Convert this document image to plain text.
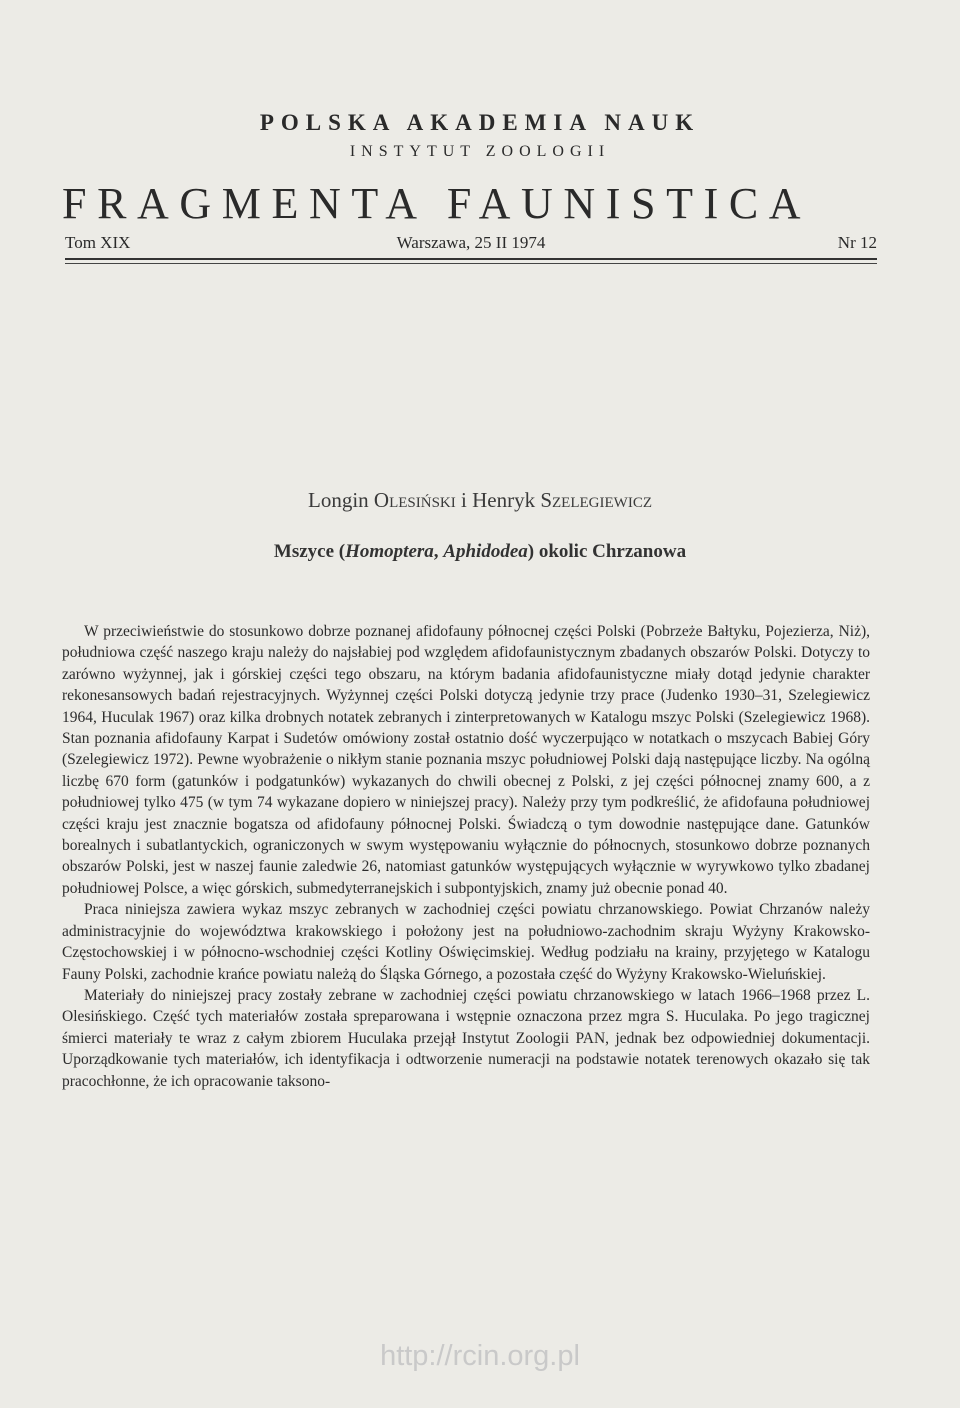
POLSKA AKADEMIA NAUK
INSTYTUT ZOOLOGII
FRAGMENTA FAUNISTICA
Tom XIX	Warszawa, 25 II 1974	Nr 12
Longin Olesiński i Henryk Szelegiewicz
Mszyce (Homoptera, Aphidodea) okolic Chrzanowa

W przeciwieństwie do stosunkowo dobrze poznanej afidofauny północnej części Polski (Pobrzeże Bałtyku, Pojezierza, Niż), południowa część naszego kraju należy do najsłabiej pod względem afidofaunistycznym zbadanych obszarów Polski. Dotyczy to zarówno wyżynnej, jak i górskiej części tego obszaru, na którym badania afidofaunistyczne miały dotąd jedynie charakter rekonesansowych badań rejestracyjnych. Wyżynnej części Polski dotyczą jedynie trzy prace (Judenko 1930–31, Szelegiewicz 1964, Huculak 1967) oraz kilka drobnych notatek zebranych i zinterpretowanych w Katalogu mszyc Polski (Szelegiewicz 1968). Stan poznania afidofauny Karpat i Sudetów omówiony został ostatnio dość wyczerpująco w notatkach o mszycach Babiej Góry (Szelegiewicz 1972). Pewne wyobrażenie o nikłym stanie poznania mszyc południowej Polski dają następujące liczby. Na ogólną liczbę 670 form (gatunków i podgatunków) wykazanych do chwili obecnej z Polski, z jej części północnej znamy 600, a z południowej tylko 475 (w tym 74 wykazane dopiero w niniejszej pracy). Należy przy tym podkreślić, że afidofauna południowej części kraju jest znacznie bogatsza od afidofauny północnej Polski. Świadczą o tym dowodnie następujące dane. Gatunków borealnych i subatlantyckich, ograniczonych w swym występowaniu wyłącznie do północnych, stosunkowo dobrze poznanych obszarów Polski, jest w naszej faunie zaledwie 26, natomiast gatunków występujących wyłącznie w wyrywkowo tylko zbadanej południowej Polsce, a więc górskich, submedyterranejskich i subpontyjskich, znamy już obecnie ponad 40.

Praca niniejsza zawiera wykaz mszyc zebranych w zachodniej części powiatu chrzanowskiego. Powiat Chrzanów należy administracyjnie do województwa krakowskiego i położony jest na południowo-zachodnim skraju Wyżyny Krakowsko-Częstochowskiej i w północno-wschodniej części Kotliny Oświęcimskiej. Według podziału na krainy, przyjętego w Katalogu Fauny Polski, zachodnie krańce powiatu należą do Śląska Górnego, a pozostała część do Wyżyny Krakowsko-Wieluńskiej.

Materiały do niniejszej pracy zostały zebrane w zachodniej części powiatu chrzanowskiego w latach 1966–1968 przez L. Olesińskiego. Część tych materiałów została spreparowana i wstępnie oznaczona przez mgra S. Huculaka. Po jego tragicznej śmierci materiały te wraz z całym zbiorem Huculaka przejął Instytut Zoologii PAN, jednak bez odpowiedniej dokumentacji. Uporządkowanie tych materiałów, ich identyfikacja i odtworzenie numeracji na podstawie notatek terenowych okazało się tak pracochłonne, że ich opracowanie taksono-

http://rcin.org.pl
